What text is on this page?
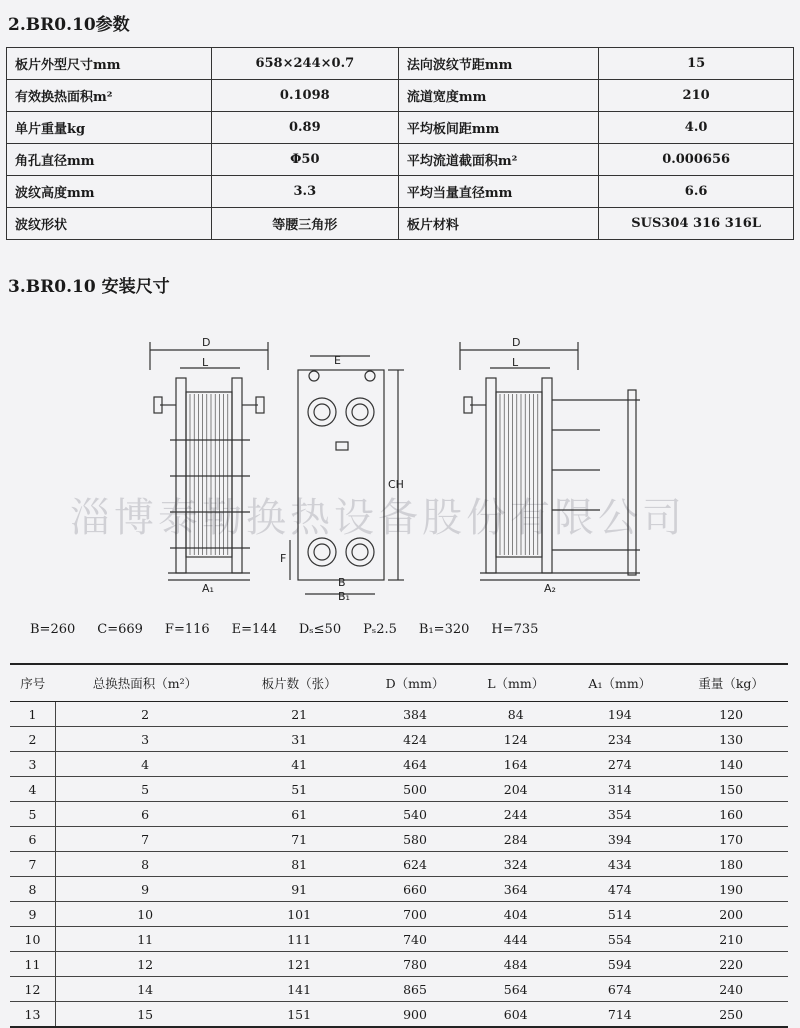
2.BR0.10参数
板片外型尺寸mm	658×244×0.7	法向波纹节距mm	15
有效换热面积m²	0.1098	流道宽度mm	210
单片重量kg	0.89	平均板间距mm	4.0
角孔直径mm	Φ50	平均流道截面积m²	0.000656
波纹高度mm	3.3	平均当量直径mm	6.6
波纹形状	等腰三角形	板片材料	SUS304 316 316L
3.BR0.10 安装尺寸
淄博泰勒换热设备股份有限公司
D
L
A₁
E
CH
F
B
B₁
D
L
A₂
B=260 C=669 F=116 E=144 Dₛ≤50 Pₛ2.5 B₁=320 H=735
序号	总换热面积（m²）	板片数（张）	D（mm）	L（mm）	A₁（mm）	重量（kg）
1	2	21	384	84	194	120
2	3	31	424	124	234	130
3	4	41	464	164	274	140
4	5	51	500	204	314	150
5	6	61	540	244	354	160
6	7	71	580	284	394	170
7	8	81	624	324	434	180
8	9	91	660	364	474	190
9	10	101	700	404	514	200
10	11	111	740	444	554	210
11	12	121	780	484	594	220
12	14	141	865	564	674	240
13	15	151	900	604	714	250
